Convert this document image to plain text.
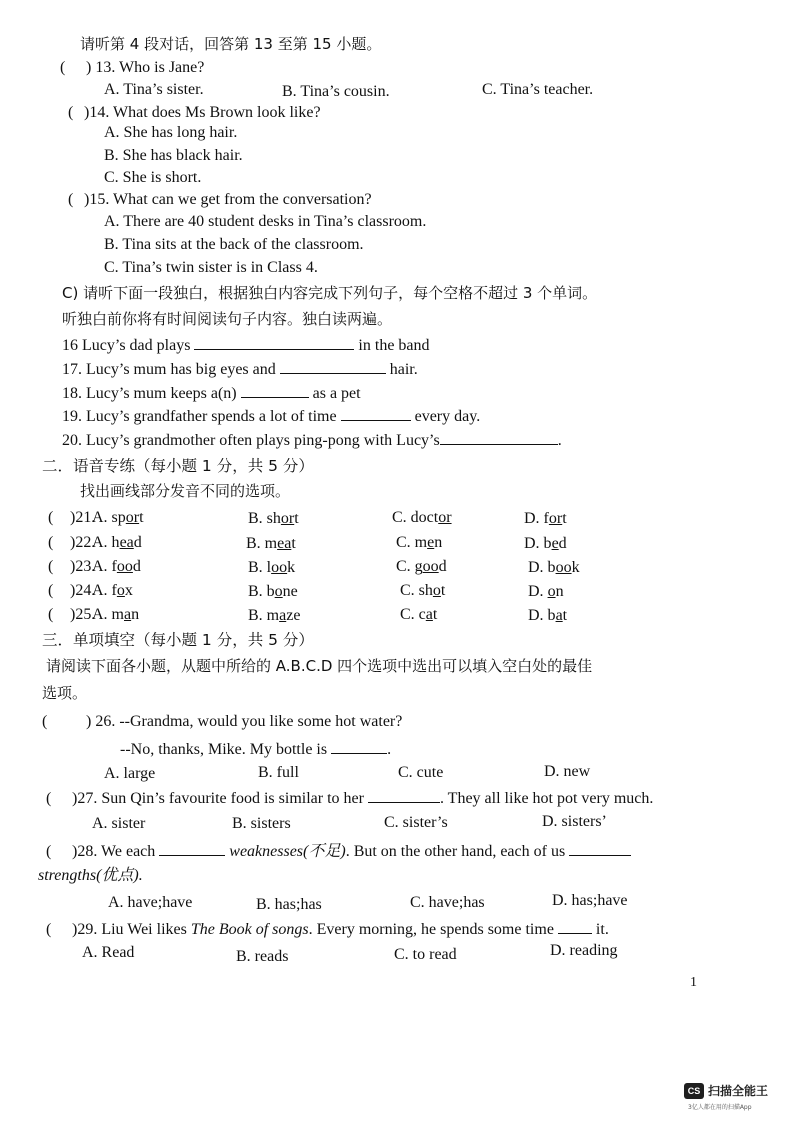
请听第 4 段对话，回答第 13 至第 15 小题。
( ) 13. Who is Jane?
A. Tina’s sister.	B. Tina’s cousin.	C. Tina’s teacher.
( )14. What does Ms Brown look like?
A. She has long hair.
B. She has black hair.
C. She is short.
( )15. What can we get from the conversation?
A. There are 40 student desks in Tina’s classroom.
B. Tina sits at the back of the classroom.
C. Tina’s twin sister is in Class 4.
C) 请听下面一段独白，根据独白内容完成下列句子，每个空格不超过 3 个单词。
听独白前你将有时间阅读句子内容。独白读两遍。
16 Lucy’s dad plays	in the band
17. Lucy’s mum has big eyes and	hair.
18. Lucy’s mum keeps a(n)	as a pet
19. Lucy’s grandfather spends a lot of time	every day.
20. Lucy’s grandmother often plays ping-pong with Lucy’s	.
二．语音专练（每小题 1 分，共 5 分）
找出画线部分发音不同的选项。
( )21.
A. sport	B. short	C. doctor	D. fort
( )22.
A. head	B. meat	C. men	D. bed
( )23.
A. food	B. look	C. good	D. book
( )24.
A. fox	B. bone	C. shot	D. on
( )25.
A. man	B. maze	C. cat	D. bat
三．单项填空（每小题 1 分，共 5 分）
请阅读下面各小题，从题中所给的 A.B.C.D 四个选项中选出可以填入空白处的最佳
选项。
( ) 26. --Grandma, would you like some hot water?
--No, thanks, Mike. My bottle is	.
A. large	B. full	C. cute	D. new
( )27. Sun Qin’s favourite food is similar to her	. They all like hot pot very much.
A. sister	B. sisters	C. sister’s	D. sisters’
( )28. We each	weaknesses(不足). But on the other hand, each of us
strengths(优点).
A. have;have	B. has;has	C. have;has	D. has;have
( )29. Liu Wei likes The Book of songs. Every morning, he spends some time	it.
A. Read	B. reads	C. to read	D. reading
1
CS 扫描全能王
3亿人都在用的扫描App
